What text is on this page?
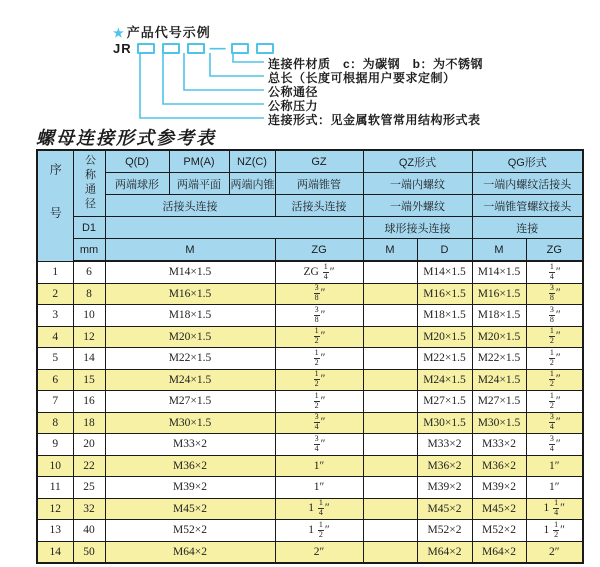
★ 产品代号示例
JR	—
连接件材质　c：为碳钢　b：为不锈钢
总长（长度可根据用户要求定制）
公称通径
公称压力
连接形式：见金属软管常用结构形式表
螺母连接形式参考表
序号	公称通径	Q(D)	PM(A)	NZ(C)	GZ	QZ形式		QG形式	
		两端球形	两端平面	两端内锥	两端锥管	一端内螺纹		一端内螺纹活接头	
		活接头连接			活接头连接	一端外螺纹		一端锥管螺纹接头	
	D1					球形接头连接		连接	
	mm	M			ZG	M	D	M	ZG
1	6	M14×1.5			ZG $\frac{1}{4}$ ″		M14×1.5	M14×1.5	$\frac{1}{4}$ ″
2	8	M16×1.5			$\frac{3}{8}$ ″		M16×1.5	M16×1.5	$\frac{3}{8}$ ″
3	10	M18×1.5			$\frac{3}{8}$ ″		M18×1.5	M18×1.5	$\frac{3}{8}$ ″
4	12	M20×1.5			$\frac{1}{2}$ ″		M20×1.5	M20×1.5	$\frac{1}{2}$ ″
5	14	M22×1.5			$\frac{1}{2}$ ″		M22×1.5	M22×1.5	$\frac{1}{2}$ ″
6	15	M24×1.5			$\frac{1}{2}$ ″		M24×1.5	M24×1.5	$\frac{1}{2}$ ″
7	16	M27×1.5			$\frac{1}{2}$ ″		M27×1.5	M27×1.5	$\frac{1}{2}$ ″
8	18	M30×1.5			$\frac{3}{4}$ ″		M30×1.5	M30×1.5	$\frac{3}{4}$ ″
9	20	M33×2			$\frac{3}{4}$ ″		M33×2	M33×2	$\frac{3}{4}$ ″
10	22	M36×2			1″		M36×2	M36×2	1″
11	25	M39×2			1″		M39×2	M39×2	1″
12	32	M45×2			$1 \frac{1}{4}$ ″		M45×2	M45×2	$1 \frac{1}{4}$ ″
13	40	M52×2			$1 \frac{1}{2}$ ″		M52×2	M52×2	$1 \frac{1}{2}$ ″
14	50	M64×2			2″		M64×2	M64×2	2″
